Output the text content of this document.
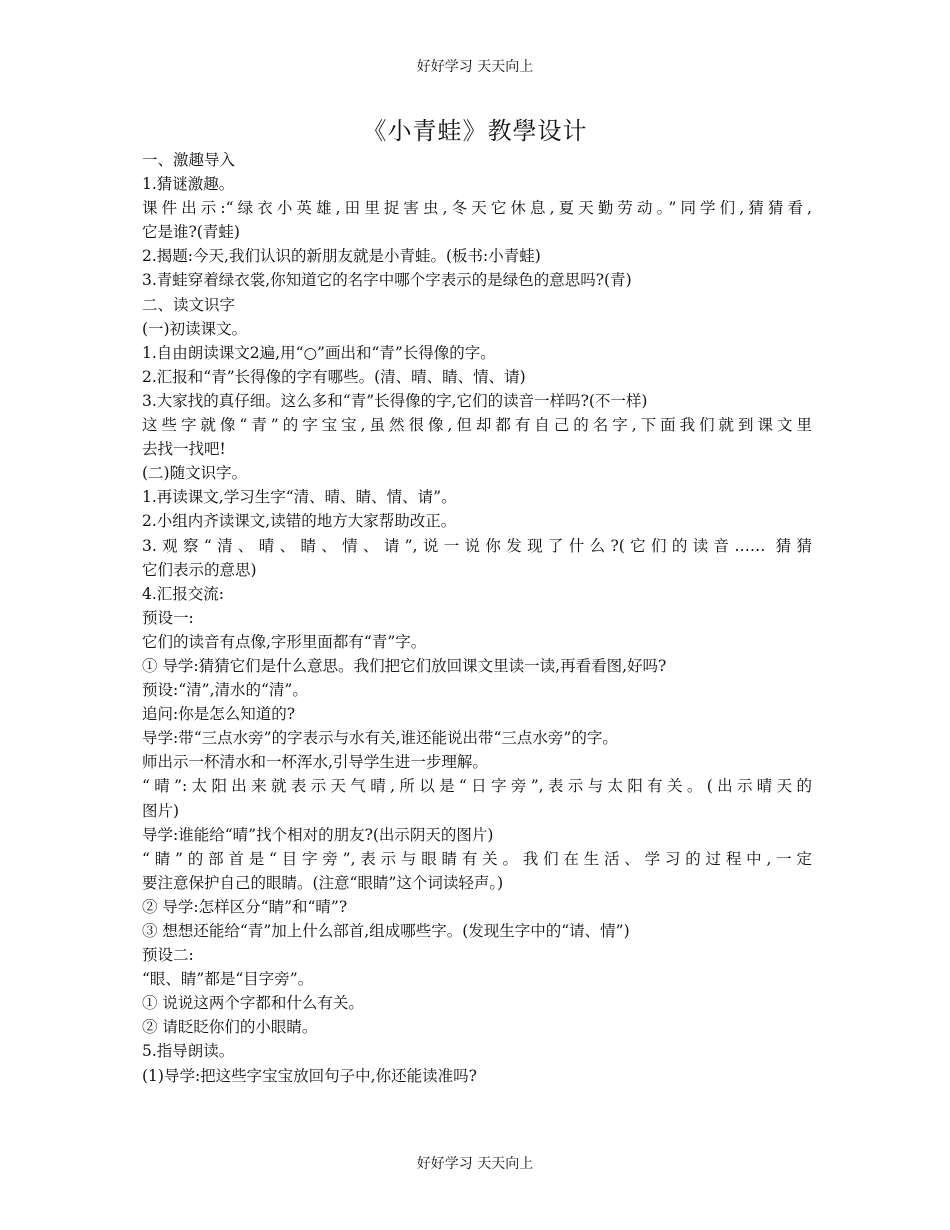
好好学习 天天向上
《小青蛙》教學设计
一、激趣导入
1.猜谜激趣。
课件出示:“绿衣小英雄,田里捉害虫,冬天它休息,夏天勤劳动。”同学们,猜猜看,
它是谁?(青蛙)
2.揭题:今天,我们认识的新朋友就是小青蛙。(板书:小青蛙)
3.青蛙穿着绿衣裳,你知道它的名字中哪个字表示的是绿色的意思吗?(青)
二、读文识字
(一)初读课文。
1.自由朗读课文2遍,用“○”画出和“青”长得像的字。
2.汇报和“青”长得像的字有哪些。(清、晴、睛、情、请)
3.大家找的真仔细。这么多和“青”长得像的字,它们的读音一样吗?(不一样)
这些字就像“青”的字宝宝,虽然很像,但却都有自己的名字,下面我们就到课文里
去找一找吧!
(二)随文识字。
1.再读课文,学习生字“清、晴、睛、情、请”。
2.小组内齐读课文,读错的地方大家帮助改正。
3.观察“清、晴、睛、情、请”,说一说你发现了什么?(它们的读音…… 猜猜
它们表示的意思)
4.汇报交流:
预设一:
它们的读音有点像,字形里面都有“青”字。
① 导学:猜猜它们是什么意思。我们把它们放回课文里读一读,再看看图,好吗?
预设:“清”,清水的“清”。
追问:你是怎么知道的?
导学:带“三点水旁”的字表示与水有关,谁还能说出带“三点水旁”的字。
师出示一杯清水和一杯浑水,引导学生进一步理解。
“晴”:太阳出来就表示天气晴,所以是“日字旁”,表示与太阳有关。(出示晴天的
图片)
导学:谁能给“晴”找个相对的朋友?(出示阴天的图片)
“睛”的部首是“目字旁”,表示与眼睛有关。我们在生活、学习的过程中,一定
要注意保护自己的眼睛。(注意“眼睛”这个词读轻声。)
② 导学:怎样区分“睛”和“晴”?
③ 想想还能给“青”加上什么部首,组成哪些字。(发现生字中的“请、情”)
预设二:
“眼、睛”都是“目字旁”。
① 说说这两个字都和什么有关。
② 请眨眨你们的小眼睛。
5.指导朗读。
(1)导学:把这些字宝宝放回句子中,你还能读准吗?
好好学习 天天向上
